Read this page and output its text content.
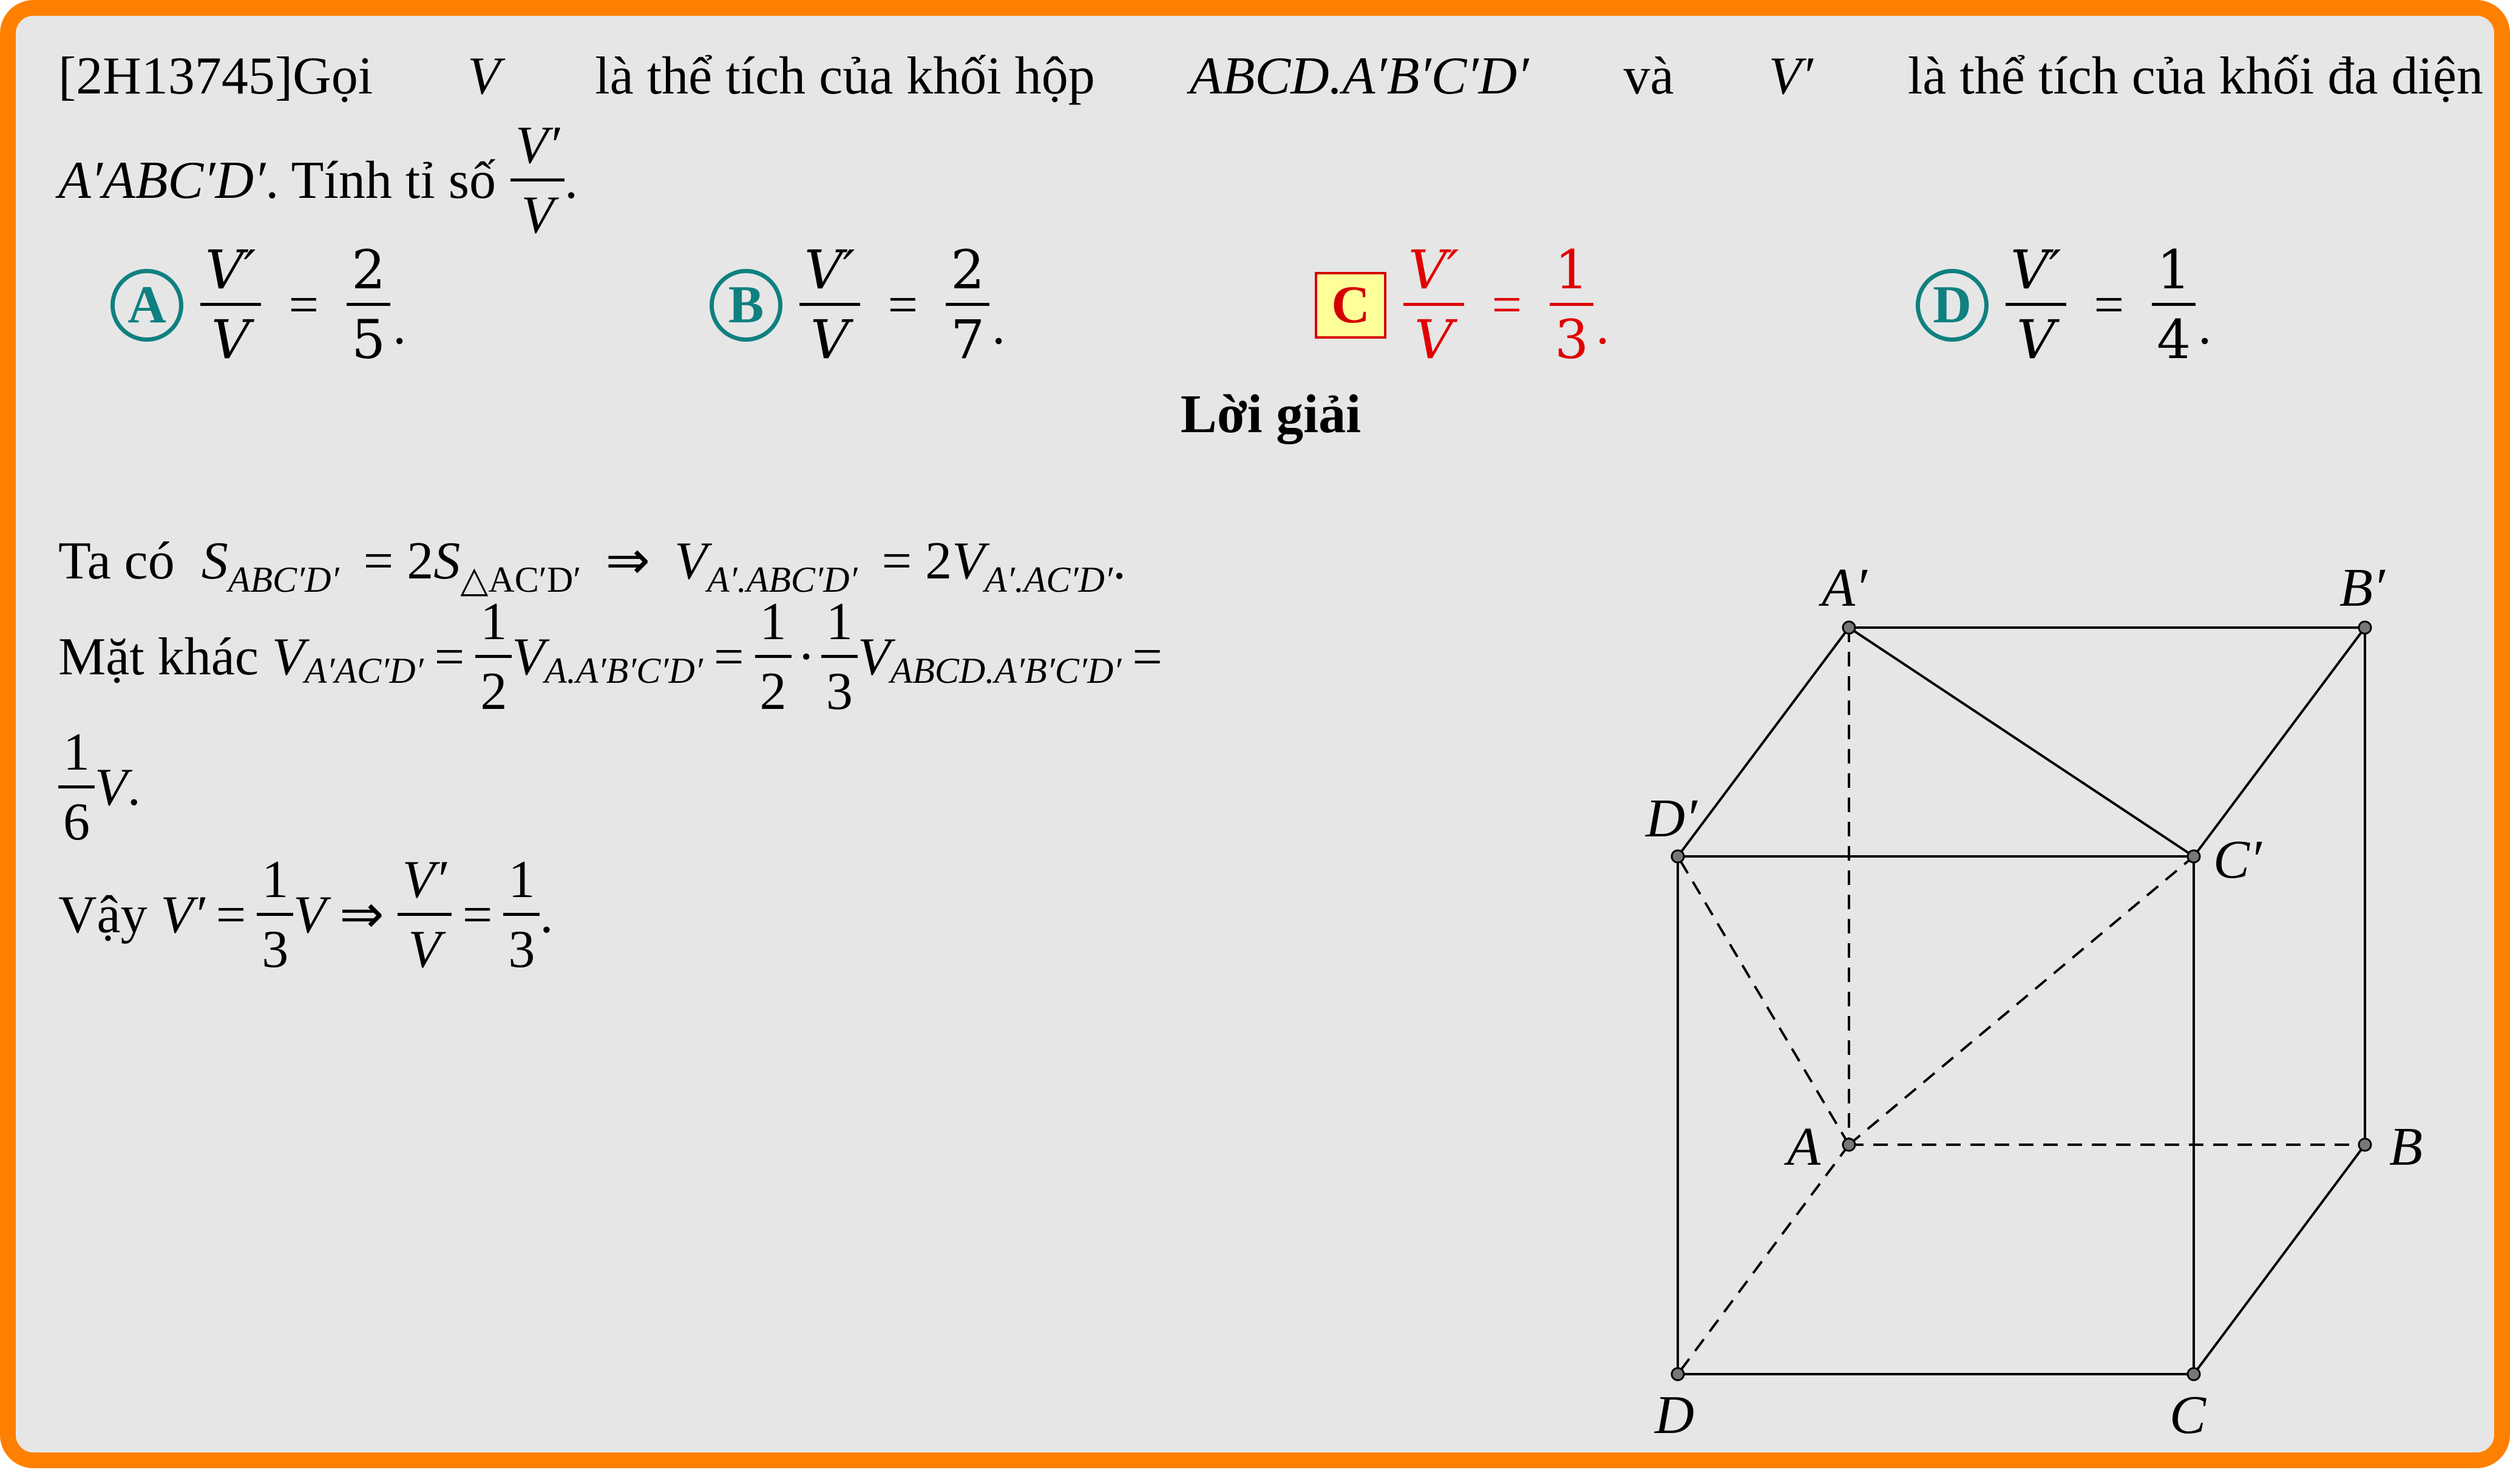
[2H13745]Gọi V là thể tích của khối hộp ABCD.A′B′C′D′ và V′ là thể tích của khối đa diện
A′ABC′D′ . Tính tỉ số $\frac{V'}{V}$ .
A $\frac{V'}{V} = \frac{2}{5}$ .	B $\frac{V'}{V} = \frac{2}{7}$ .	C $\frac{V'}{V} = \frac{1}{3}$ .	D $\frac{V'}{V} = \frac{1}{4}$ .
Lời giải
Ta có $S_{ABC'D'} = 2S_{\triangle AC'D'}$ ⇒ $V_{A'.ABC'D'} = 2V_{A'.AC'D'}$.
Mặt khác V $A'AC'D' = \frac{1}{2}$ V $A.A'B'C'D' = \frac{1}{2} \cdot \frac{1}{3}$ V ABCD.A′B′C′D′ =
$\frac{1}{6}$ V .
Vậy $V' = \frac{1}{3}$ V ⇒ $\frac{V'}{V} = \frac{1}{3}$ .
A′	B′
C′
D′
A	B
C
D
